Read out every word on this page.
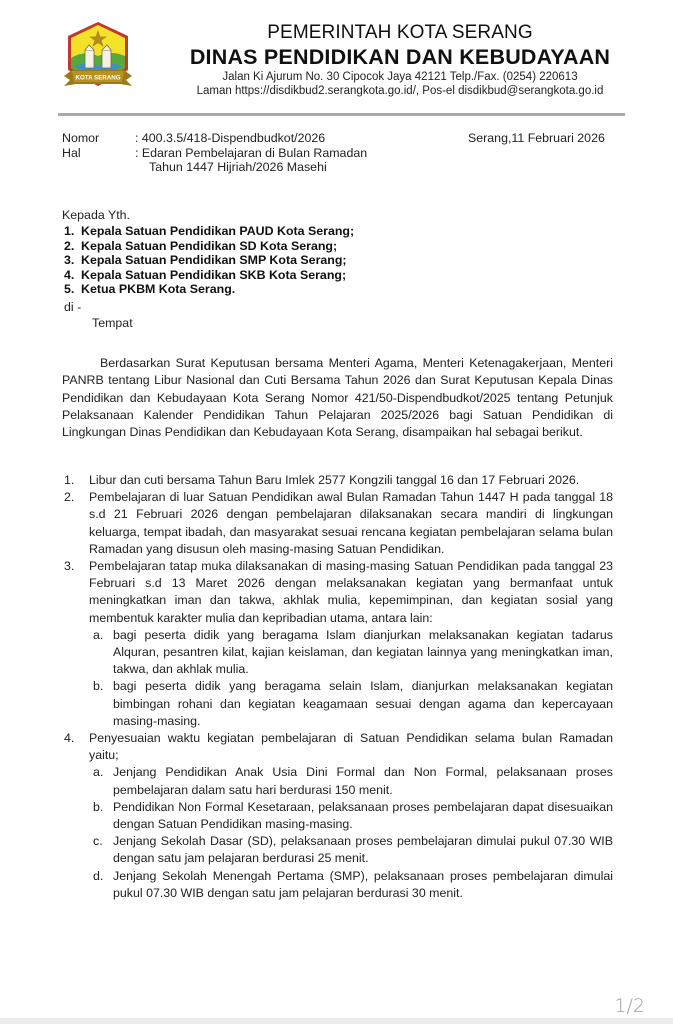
KOTA SERANG
PEMERINTAH KOTA SERANG
DINAS PENDIDIKAN DAN KEBUDAYAAN
Jalan Ki Ajurum No. 30 Cipocok Jaya 42121 Telp./Fax. (0254) 220613
Laman https://disdikbud2.serangkota.go.id/, Pos-el disdikbud@serangkota.go.id
Nomor	: 400.3.5/418-Dispendbudkot/2026
Hal	: Edaran Pembelajaran di Bulan Ramadan
Tahun 1447 Hijriah/2026 Masehi
Serang,11 Februari 2026
Kepada Yth.
1. Kepala Satuan Pendidikan PAUD Kota Serang;
2. Kepala Satuan Pendidikan SD Kota Serang;
3. Kepala Satuan Pendidikan SMP Kota Serang;
4. Kepala Satuan Pendidikan SKB Kota Serang;
5. Ketua PKBM Kota Serang.
di -
Tempat

Berdasarkan Surat Keputusan bersama Menteri Agama, Menteri Ketenagakerjaan, Menteri PANRB tentang Libur Nasional dan Cuti Bersama Tahun 2026 dan Surat Keputusan Kepala Dinas Pendidikan dan Kebudayaan Kota Serang Nomor 421/50-Dispendbudkot/2025 tentang Petunjuk Pelaksanaan Kalender Pendidikan Tahun Pelajaran 2025/2026 bagi Satuan Pendidikan di Lingkungan Dinas Pendidikan dan Kebudayaan Kota Serang, disampaikan hal sebagai berikut.

1.	Libur dan cuti bersama Tahun Baru Imlek 2577 Kongzili tanggal 16 dan 17 Februari 2026.
2.	Pembelajaran di luar Satuan Pendidikan awal Bulan Ramadan Tahun 1447 H pada tanggal 18 s.d 21 Februari 2026 dengan pembelajaran dilaksanakan secara mandiri di lingkungan keluarga, tempat ibadah, dan masyarakat sesuai rencana kegiatan pembelajaran selama bulan Ramadan yang disusun oleh masing-masing Satuan Pendidikan.
3.	Pembelajaran tatap muka dilaksanakan di masing-masing Satuan Pendidikan pada tanggal 23 Februari s.d 13 Maret 2026 dengan melaksanakan kegiatan yang bermanfaat untuk meningkatkan iman dan takwa, akhlak mulia, kepemimpinan, dan kegiatan sosial yang membentuk karakter mulia dan kepribadian utama, antara lain:
a. bagi peserta didik yang beragama Islam dianjurkan melaksanakan kegiatan tadarus Alquran, pesantren kilat, kajian keislaman, dan kegiatan lainnya yang meningkatkan iman, takwa, dan akhlak mulia.
b. bagi peserta didik yang beragama selain Islam, dianjurkan melaksanakan kegiatan bimbingan rohani dan kegiatan keagamaan sesuai dengan agama dan kepercayaan masing-masing.
4.	Penyesuaian waktu kegiatan pembelajaran di Satuan Pendidikan selama bulan Ramadan yaitu;
a. Jenjang Pendidikan Anak Usia Dini Formal dan Non Formal, pelaksanaan proses pembelajaran dalam satu hari berdurasi 150 menit.
b. Pendidikan Non Formal Kesetaraan, pelaksanaan proses pembelajaran dapat disesuaikan dengan Satuan Pendidikan masing-masing.
c. Jenjang Sekolah Dasar (SD), pelaksanaan proses pembelajaran dimulai pukul 07.30 WIB dengan satu jam pelajaran berdurasi 25 menit.
d. Jenjang Sekolah Menengah Pertama (SMP), pelaksanaan proses pembelajaran dimulai pukul 07.30 WIB dengan satu jam pelajaran berdurasi 30 menit.
1/2
